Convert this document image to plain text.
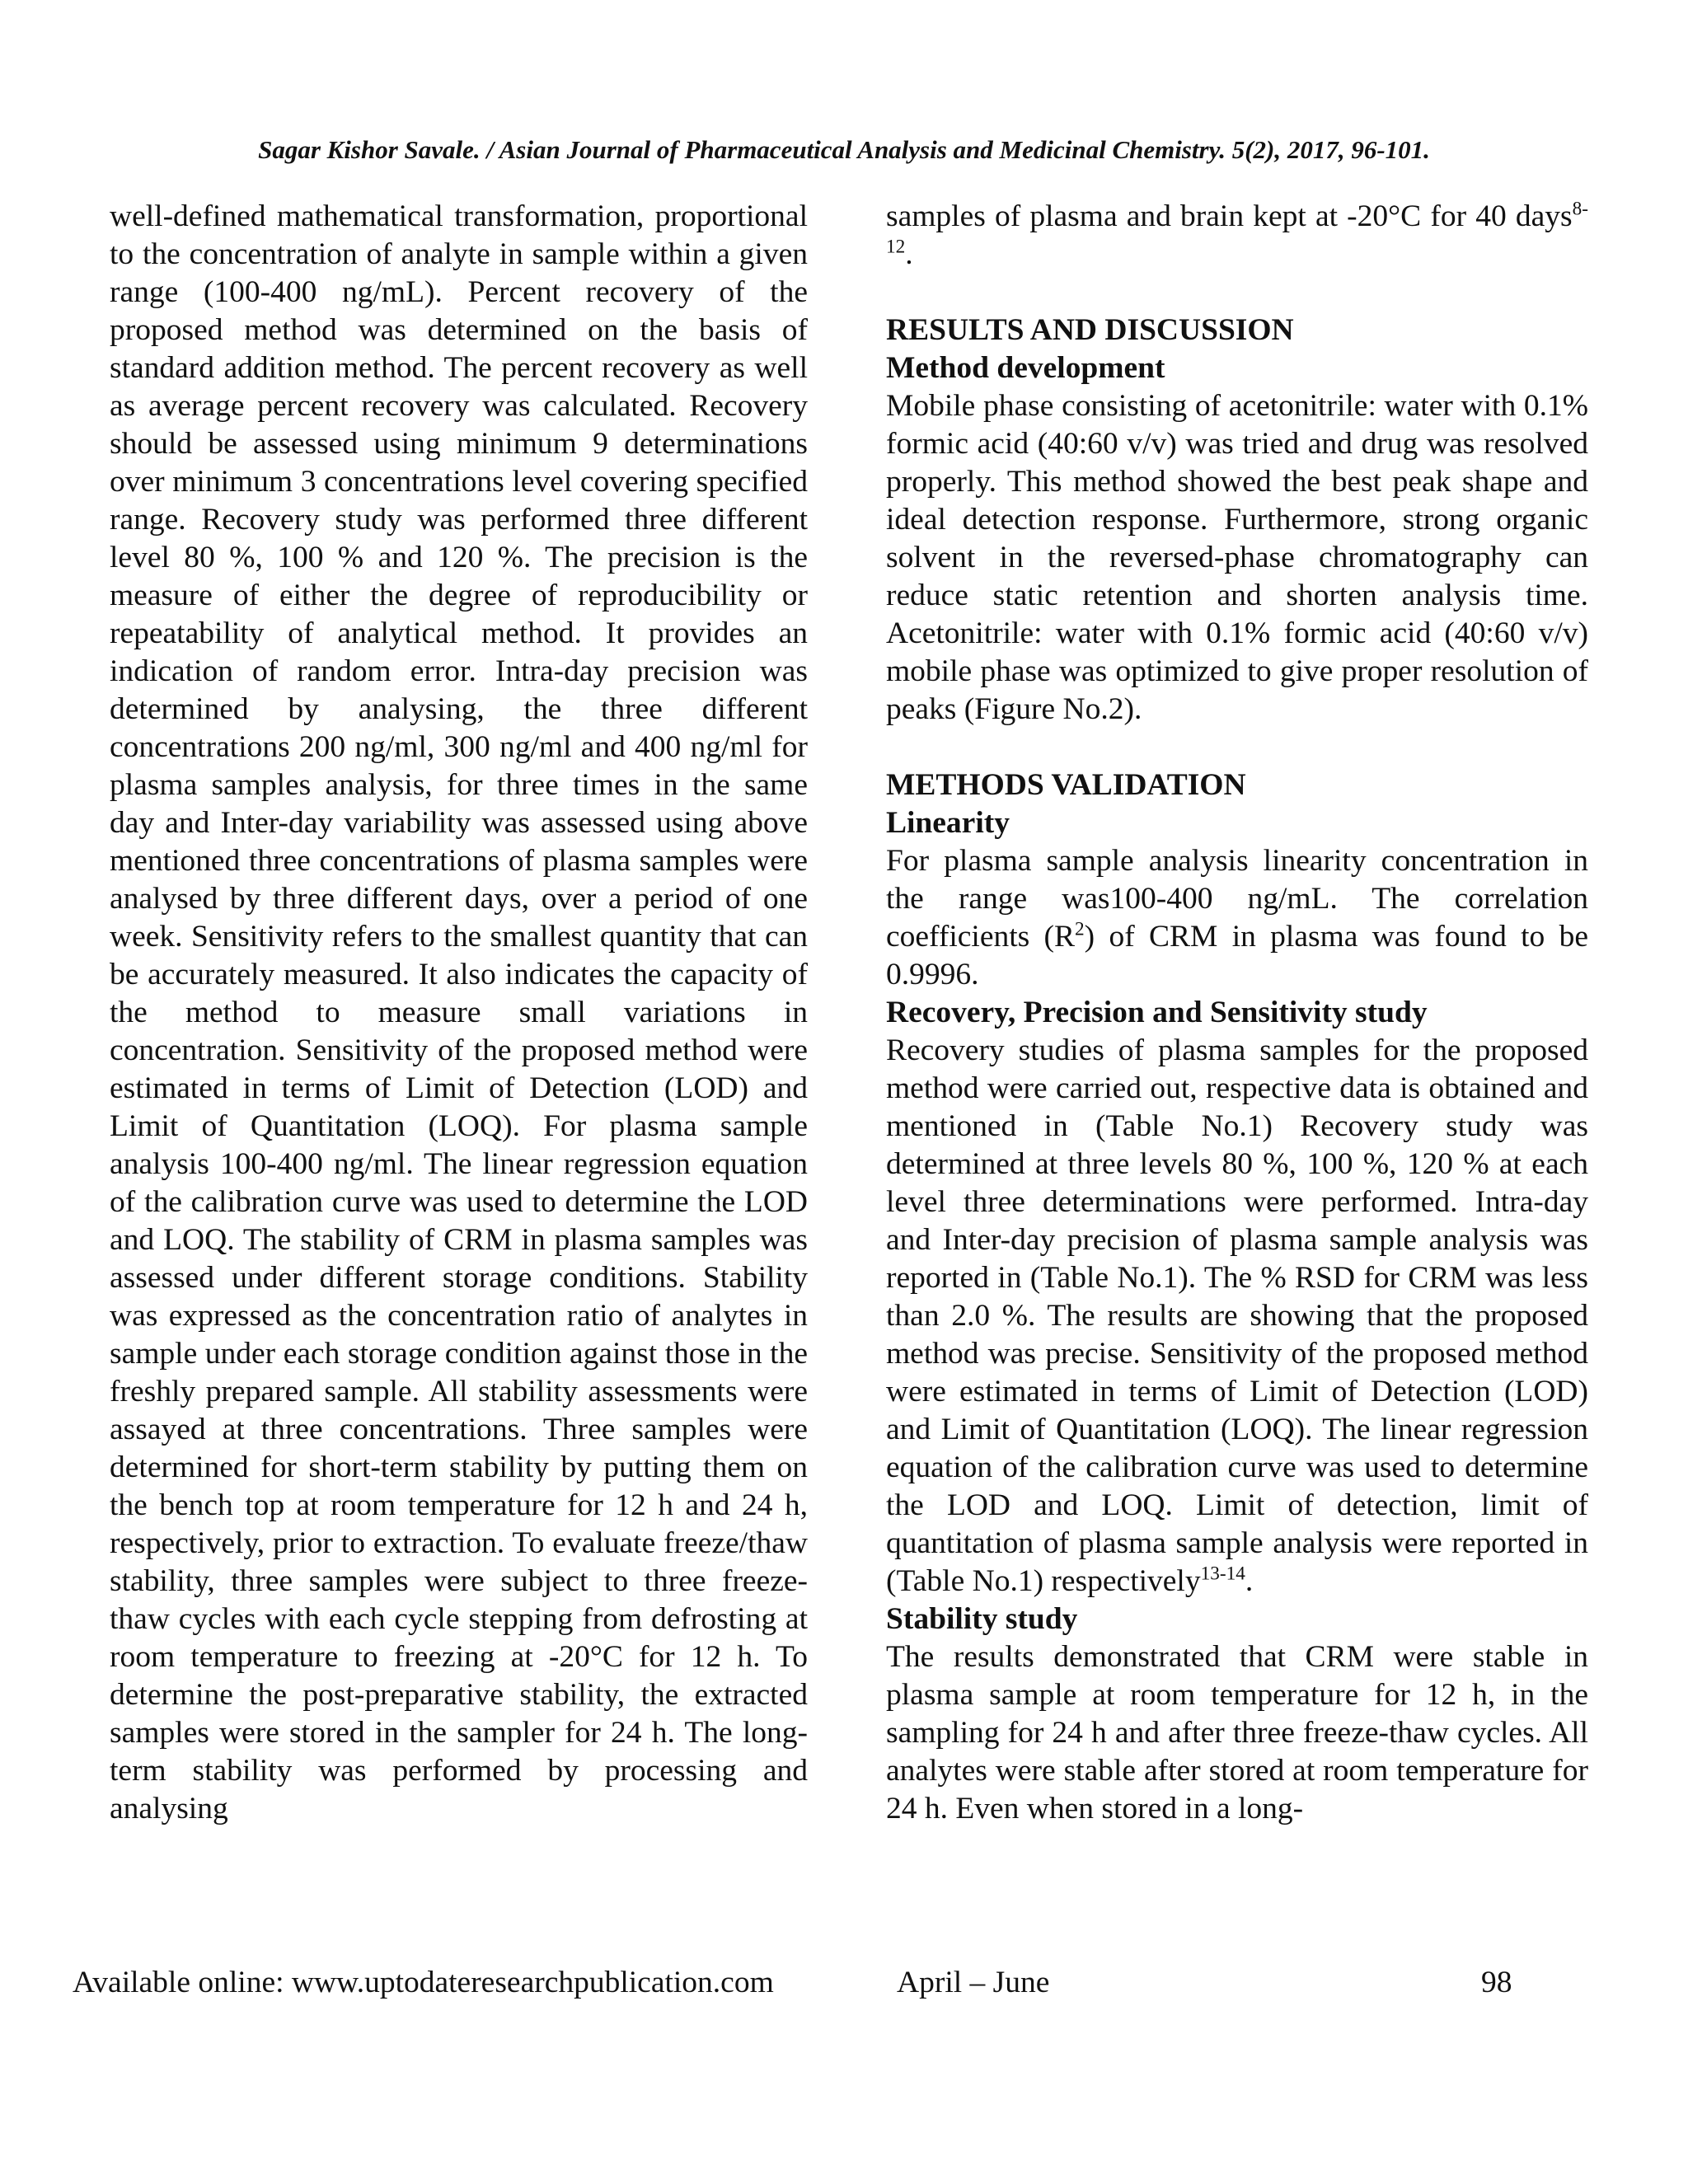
Sagar Kishor Savale. / Asian Journal of Pharmaceutical Analysis and Medicinal Chemistry. 5(2), 2017, 96-101.

well-defined mathematical transformation, proportional to the concentration of analyte in sample within a given range (100-400 ng/mL). Percent recovery of the proposed method was determined on the basis of standard addition method. The percent recovery as well as average percent recovery was calculated. Recovery should be assessed using minimum 9 determinations over minimum 3 concentrations level covering specified range. Recovery study was performed three different level 80 %, 100 % and 120 %. The precision is the measure of either the degree of reproducibility or repeatability of analytical method. It provides an indication of random error. Intra-day precision was determined by analysing, the three different concentrations 200 ng/ml, 300 ng/ml and 400 ng/ml for plasma samples analysis, for three times in the same day and Inter-day variability was assessed using above mentioned three concentrations of plasma samples were analysed by three different days, over a period of one week. Sensitivity refers to the smallest quantity that can be accurately measured. It also indicates the capacity of the method to measure small variations in concentration. Sensitivity of the proposed method were estimated in terms of Limit of Detection (LOD) and Limit of Quantitation (LOQ). For plasma sample analysis 100-400 ng/ml. The linear regression equation of the calibration curve was used to determine the LOD and LOQ. The stability of CRM in plasma samples was assessed under different storage conditions. Stability was expressed as the concentration ratio of analytes in sample under each storage condition against those in the freshly prepared sample. All stability assessments were assayed at three concentrations. Three samples were determined for short-term stability by putting them on the bench top at room temperature for 12 h and 24 h, respectively, prior to extraction. To evaluate freeze/thaw stability, three samples were subject to three freeze-thaw cycles with each cycle stepping from defrosting at room temperature to freezing at -20°C for 12 h. To determine the post-preparative stability, the extracted samples were stored in the sampler for 24 h. The long-term stability was performed by processing and analysing

samples of plasma and brain kept at -20°C for 40 days$^{8-12}$.

RESULTS AND DISCUSSION

Method development

Mobile phase consisting of acetonitrile: water with 0.1% formic acid (40:60 v/v) was tried and drug was resolved properly. This method showed the best peak shape and ideal detection response. Furthermore, strong organic solvent in the reversed-phase chromatography can reduce static retention and shorten analysis time. Acetonitrile: water with 0.1% formic acid (40:60 v/v) mobile phase was optimized to give proper resolution of peaks (Figure No.2).

METHODS VALIDATION

Linearity

For plasma sample analysis linearity concentration in the range was100-400 ng/mL. The correlation coefficients $(R^2)$ of CRM in plasma was found to be 0.9996.

Recovery, Precision and Sensitivity study

Recovery studies of plasma samples for the proposed method were carried out, respective data is obtained and mentioned in (Table No.1) Recovery study was determined at three levels 80 %, 100 %, 120 % at each level three determinations were performed. Intra-day and Inter-day precision of plasma sample analysis was reported in (Table No.1). The % RSD for CRM was less than 2.0 %. The results are showing that the proposed method was precise. Sensitivity of the proposed method were estimated in terms of Limit of Detection (LOD) and Limit of Quantitation (LOQ). The linear regression equation of the calibration curve was used to determine the LOD and LOQ. Limit of detection, limit of quantitation of plasma sample analysis were reported in (Table No.1) respectively$^{13-14}$.

Stability study

The results demonstrated that CRM were stable in plasma sample at room temperature for 12 h, in the sampling for 24 h and after three freeze-thaw cycles. All analytes were stable after stored at room temperature for 24 h. Even when stored in a long-

Available online: www.uptodateresearchpublication.com	April – June	98
